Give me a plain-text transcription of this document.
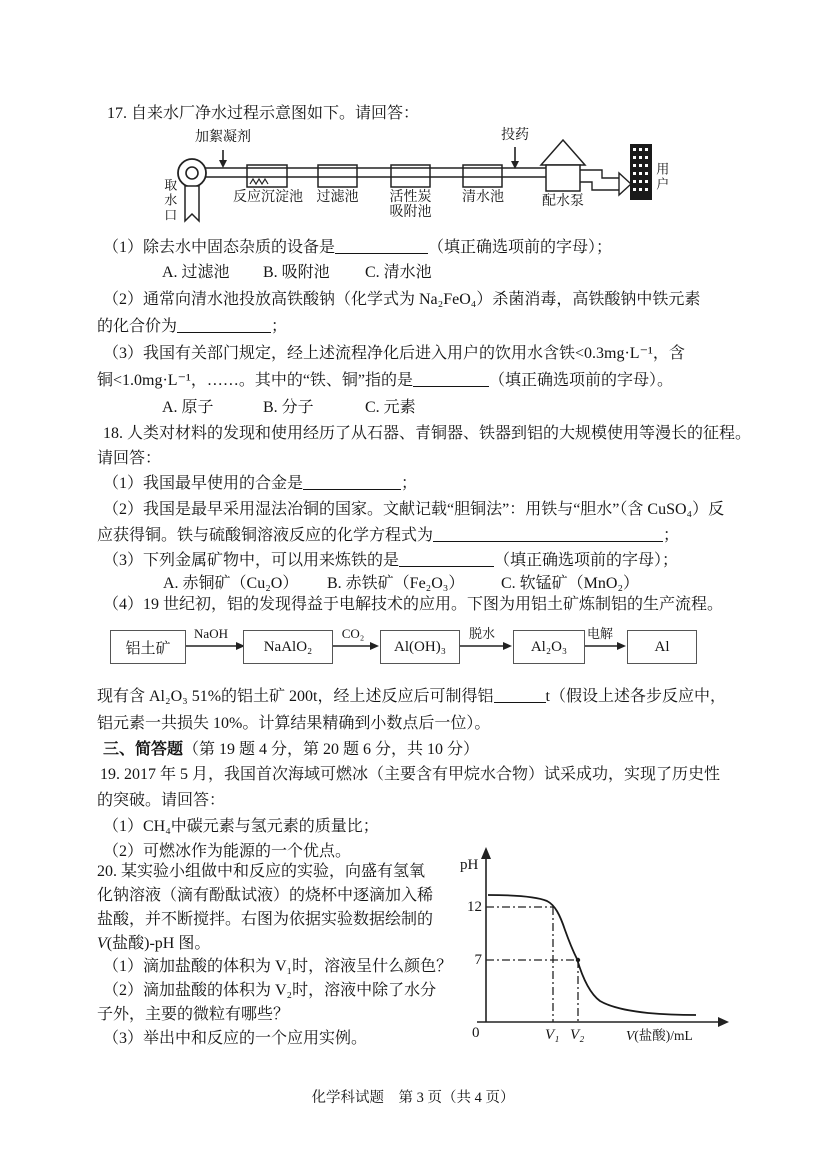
17. 自来水厂净水过程示意图如下。请回答：
加絮凝剂
取水口	反应沉淀池 过滤池	活性炭
吸附池
清水池
投药
配水泵
用户
（1）除去水中固态杂质的设备是	（填正确选项前的字母）；
A. 过滤池 B. 吸附池 C. 清水池
（2）通常向清水池投放高铁酸钠（化学式为 Na₂FeO₄）杀菌消毒，高铁酸钠中铁元素
的化合价为	；
（3）我国有关部门规定，经上述流程净化后进入用户的饮用水含铁<0.3mg·L⁻¹，含
铜<1.0mg·L⁻¹，……。其中的“铁、铜”指的是	（填正确选项前的字母）。
A. 原子	B. 分子	C. 元素
18. 人类对材料的发现和使用经历了从石器、青铜器、铁器到铝的大规模使用等漫长的征程。
请回答：
（1）我国最早使用的合金是	；
（2）我国是最早采用湿法冶铜的国家。文献记载“胆铜法”：用铁与“胆水”（含 CuSO₄）反
应获得铜。铁与硫酸铜溶液反应的化学方程式为	；
（3）下列金属矿物中，可以用来炼铁的是	（填正确选项前的字母）；
A. 赤铜矿（Cu₂O） B. 赤铁矿（Fe₂O₃） C. 软锰矿（MnO₂）
（4）19 世纪初，铝的发现得益于电解技术的应用。下图为用铝土矿炼制铝的生产流程。
铝土矿	NaAlO₂	Al(OH)₃	Al₂O₃	Al
NaOH	CO₂	脱水	电解
现有含 Al₂O₃ 51%的铝土矿 200t，经上述反应后可制得铝	t（假设上述各步反应中，
铝元素一共损失 10%。计算结果精确到小数点后一位）。
三、简答题（第 19 题 4 分，第 20 题 6 分，共 10 分）
19. 2017 年 5 月，我国首次海域可燃冰（主要含有甲烷水合物）试采成功，实现了历史性
的突破。请回答：
（1）CH₄中碳元素与氢元素的质量比；
（2）可燃冰作为能源的一个优点。
20. 某实验小组做中和反应的实验，向盛有氢氧
化钠溶液（滴有酚酞试液）的烧杯中逐滴加入稀
盐酸，并不断搅拌。右图为依据实验数据绘制的
V(盐酸)-pH 图。
（1）滴加盐酸的体积为 V₁时，溶液呈什么颜色？
（2）滴加盐酸的体积为 V₂时，溶液中除了水分
子外，主要的微粒有哪些？
（3）举出中和反应的一个应用实例。
pH
12
7
0	V₁ V₂	V(盐酸)/mL
化学科试题　第 3 页（共 4 页）
